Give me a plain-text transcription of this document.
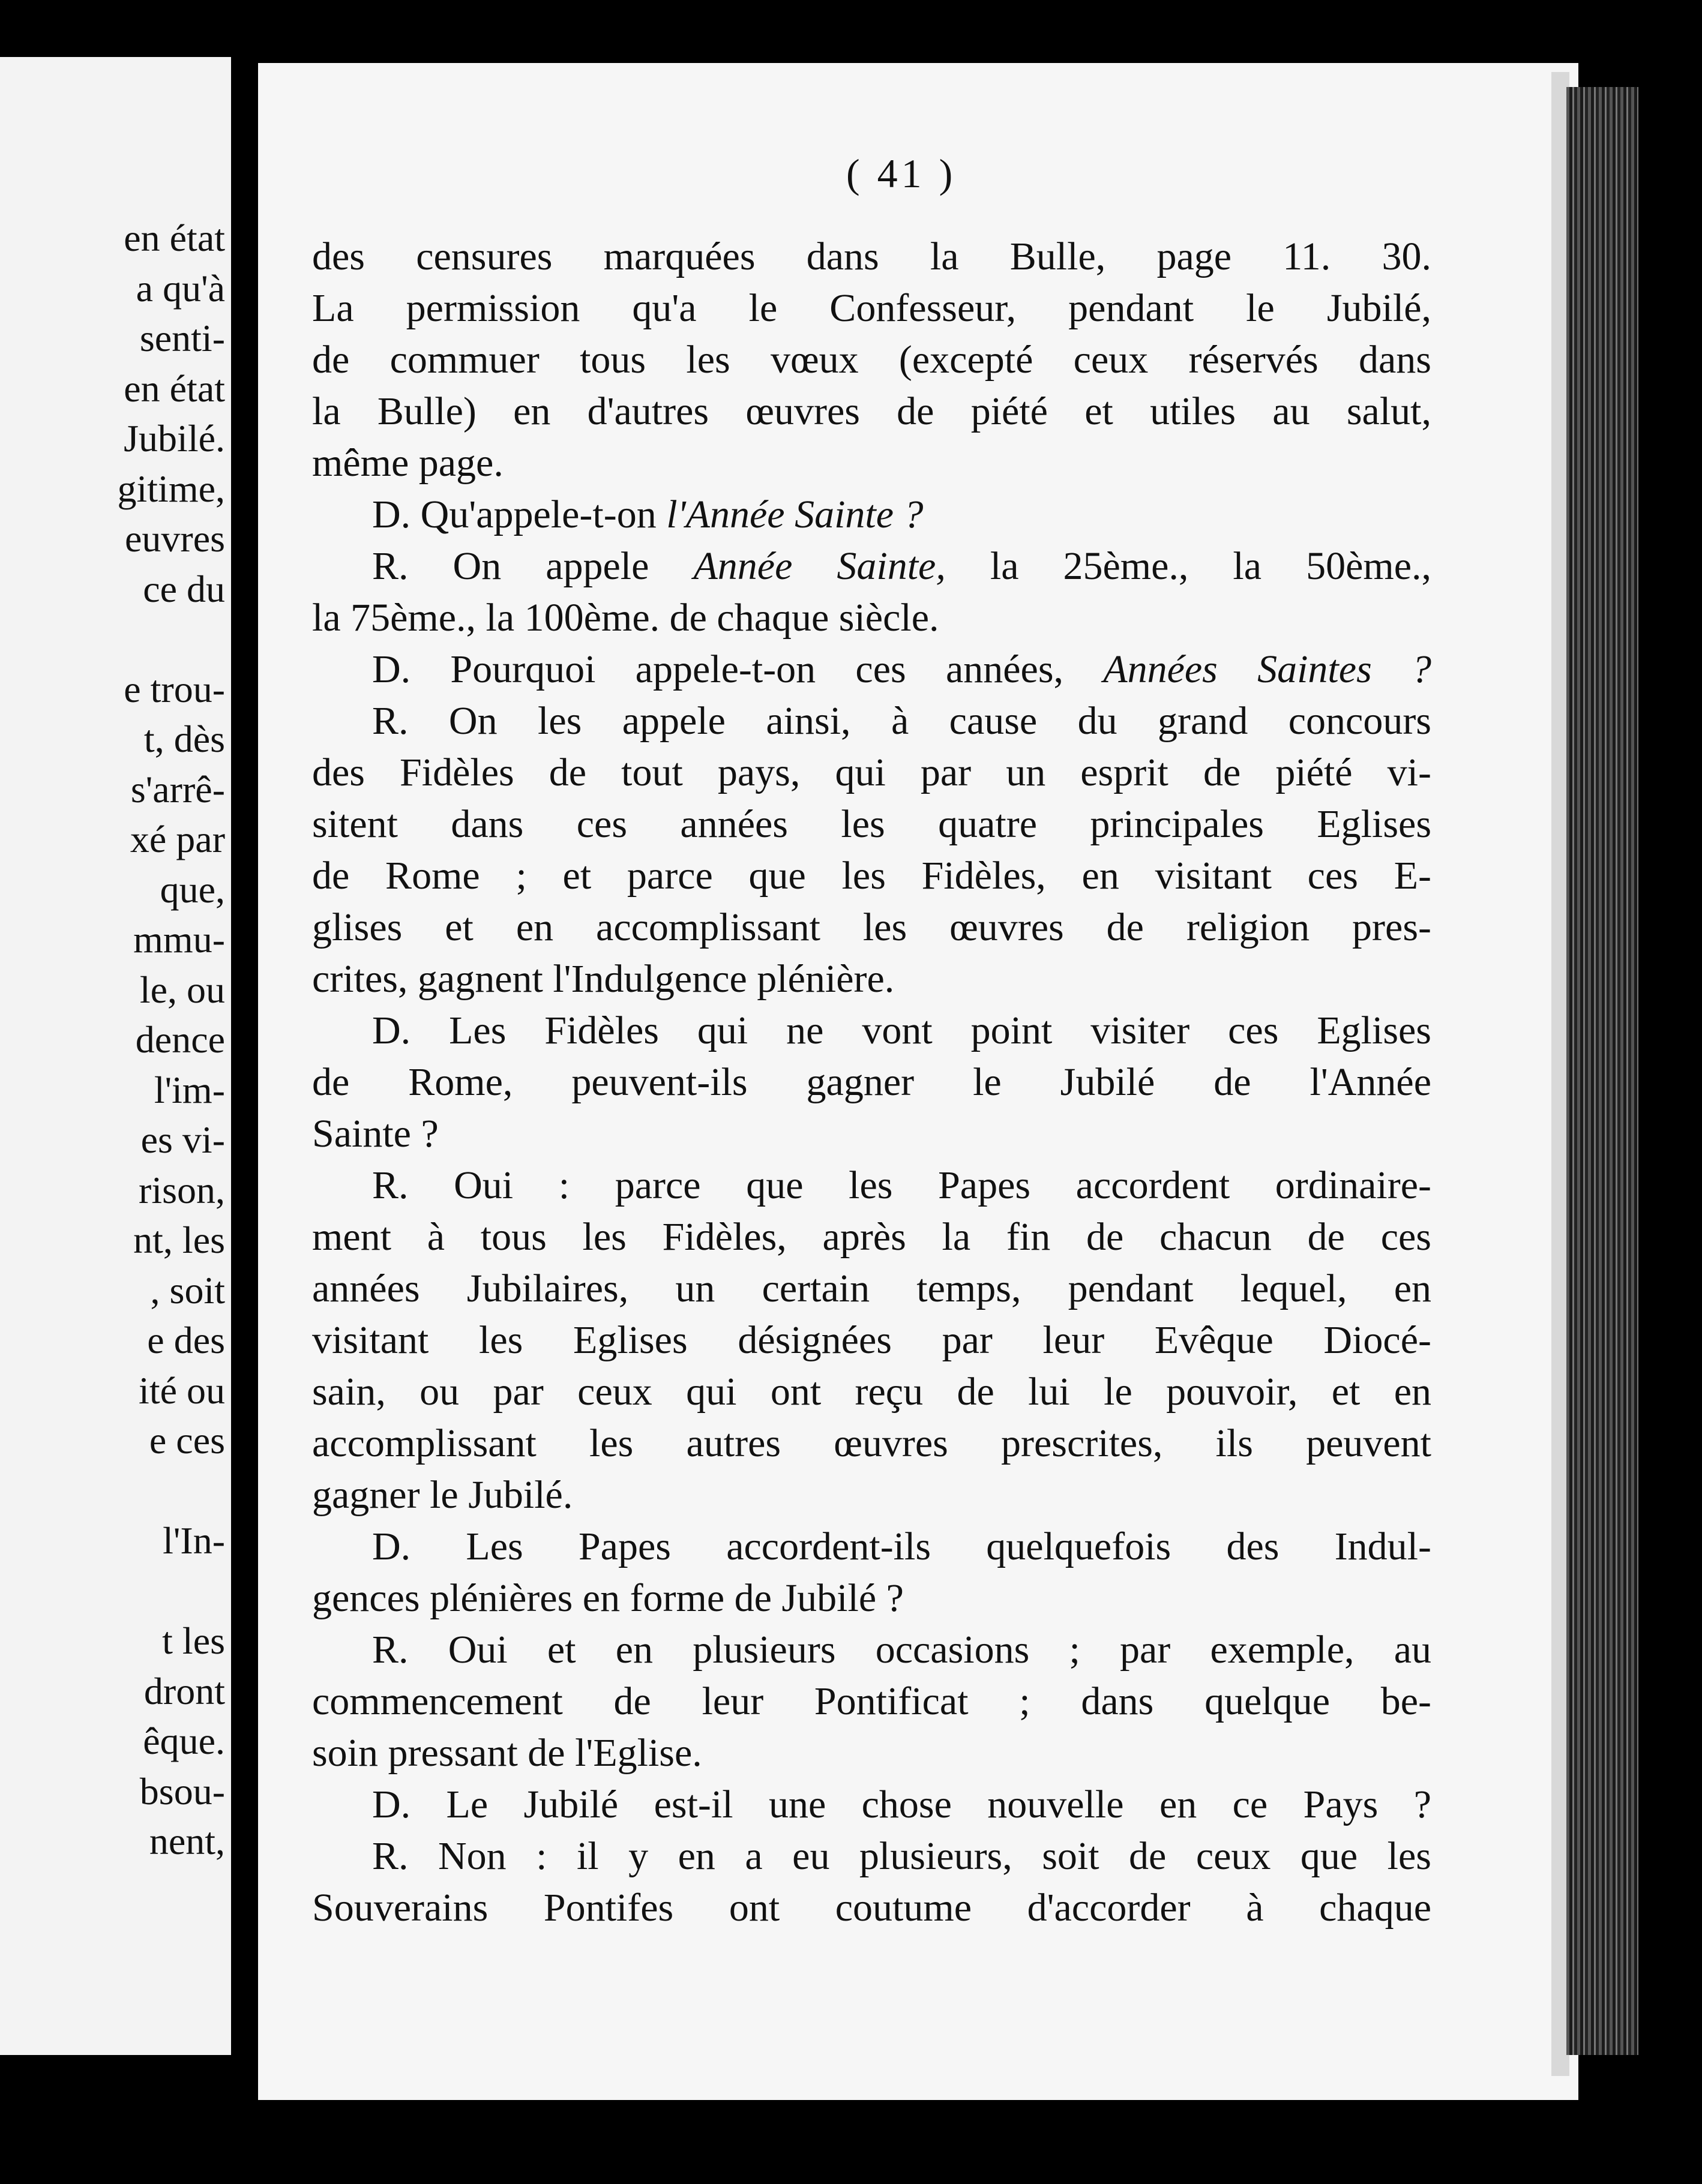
en état
a qu'à
senti-
en état
Jubilé.
gitime,
euvres
ce du

e trou-
t, dès
s'arrê-
xé par
que,
mmu-
le, ou
dence
l'im-
es vi-
rison,
nt, les
, soit
e des
ité ou
e ces

l'In-

t les
dront
êque.
bsou-
nent,
( 41 )
des censures marquées dans la Bulle, page 11. 30.
La permission qu'a le Confesseur, pendant le Jubilé,
de commuer tous les vœux (excepté ceux réservés dans
la Bulle) en d'autres œuvres de piété et utiles au salut,
même page.
D. Qu'appele-t-on l'Année Sainte ?
R. On appele Année Sainte, la 25ème., la 50ème.,
la 75ème., la 100ème. de chaque siècle.
D. Pourquoi appele-t-on ces années, Années Saintes ?
R. On les appele ainsi, à cause du grand concours
des Fidèles de tout pays, qui par un esprit de piété vi-
sitent dans ces années les quatre principales Eglises
de Rome ; et parce que les Fidèles, en visitant ces E-
glises et en accomplissant les œuvres de religion pres-
crites, gagnent l'Indulgence plénière.
D. Les Fidèles qui ne vont point visiter ces Eglises
de Rome, peuvent-ils gagner le Jubilé de l'Année
Sainte ?
R. Oui : parce que les Papes accordent ordinaire-
ment à tous les Fidèles, après la fin de chacun de ces
années Jubilaires, un certain temps, pendant lequel, en
visitant les Eglises désignées par leur Evêque Diocé-
sain, ou par ceux qui ont reçu de lui le pouvoir, et en
accomplissant les autres œuvres prescrites, ils peuvent
gagner le Jubilé.
D. Les Papes accordent-ils quelquefois des Indul-
gences plénières en forme de Jubilé ?
R. Oui et en plusieurs occasions ; par exemple, au
commencement de leur Pontificat ; dans quelque be-
soin pressant de l'Eglise.
D. Le Jubilé est-il une chose nouvelle en ce Pays ?
R. Non : il y en a eu plusieurs, soit de ceux que les
Souverains Pontifes ont coutume d'accorder à chaque
